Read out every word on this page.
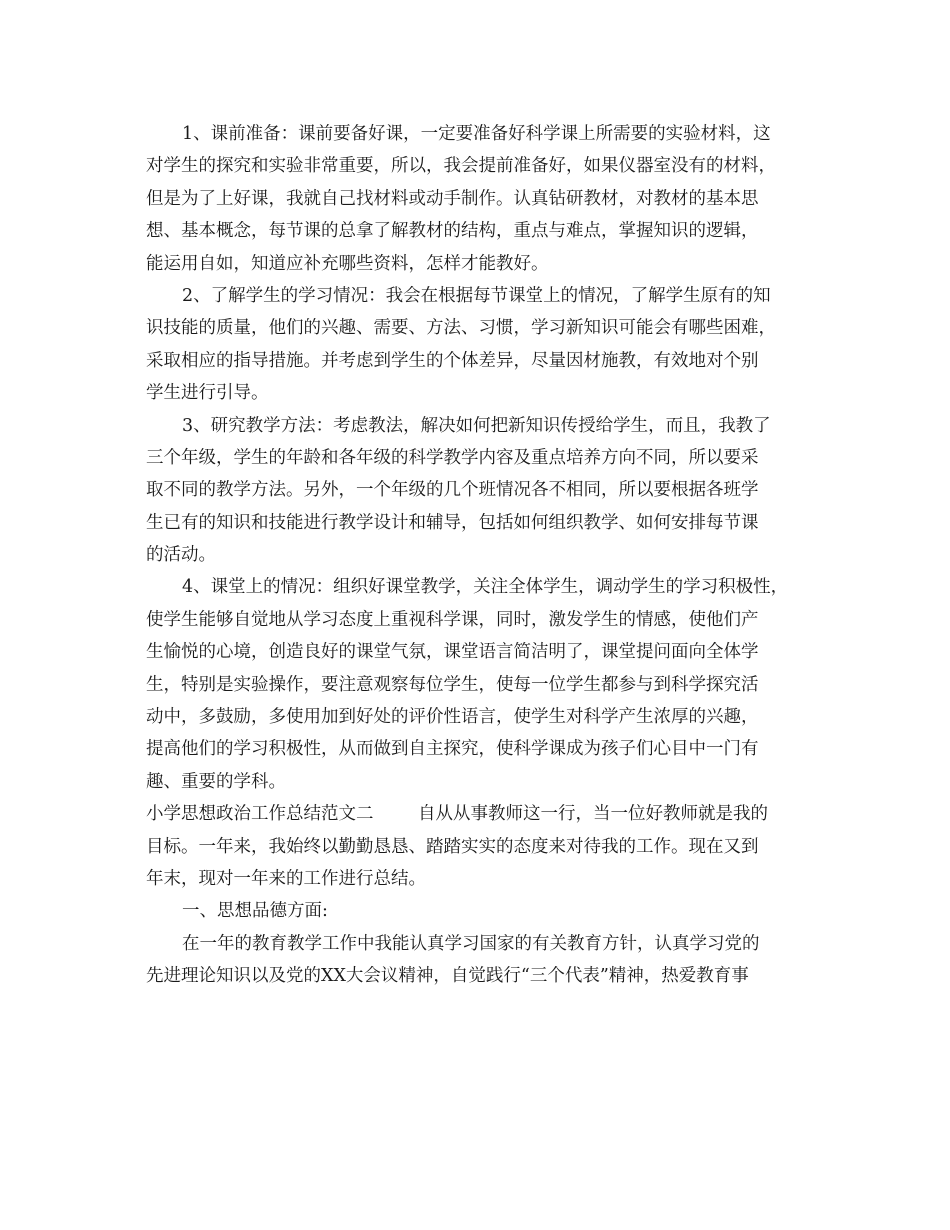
1、课前准备：课前要备好课，一定要准备好科学课上所需要的实验材料，这
对学生的探究和实验非常重要，所以，我会提前准备好，如果仪器室没有的材料，
但是为了上好课，我就自己找材料或动手制作。认真钻研教材，对教材的基本思
想、基本概念，每节课的总拿了解教材的结构，重点与难点，掌握知识的逻辑，
能运用自如，知道应补充哪些资料，怎样才能教好。
2、了解学生的学习情况：我会在根据每节课堂上的情况，了解学生原有的知
识技能的质量，他们的兴趣、需要、方法、习惯，学习新知识可能会有哪些困难，
采取相应的指导措施。并考虑到学生的个体差异，尽量因材施教，有效地对个别
学生进行引导。
3、研究教学方法：考虑教法，解决如何把新知识传授给学生，而且，我教了
三个年级，学生的年龄和各年级的科学教学内容及重点培养方向不同，所以要采
取不同的教学方法。另外，一个年级的几个班情况各不相同，所以要根据各班学
生已有的知识和技能进行教学设计和辅导，包括如何组织教学、如何安排每节课
的活动。
4、课堂上的情况：组织好课堂教学，关注全体学生，调动学生的学习积极性，
使学生能够自觉地从学习态度上重视科学课，同时，激发学生的情感，使他们产
生愉悦的心境，创造良好的课堂气氛，课堂语言简洁明了，课堂提问面向全体学
生，特别是实验操作，要注意观察每位学生，使每一位学生都参与到科学探究活
动中，多鼓励，多使用加到好处的评价性语言，使学生对科学产生浓厚的兴趣，
提高他们的学习积极性，从而做到自主探究，使科学课成为孩子们心目中一门有
趣、重要的学科。
小学思想政治工作总结范文二        自从从事教师这一行，当一位好教师就是我的
目标。一年来，我始终以勤勤恳恳、踏踏实实的态度来对待我的工作。现在又到
年末，现对一年来的工作进行总结。
一、思想品德方面:
在一年的教育教学工作中我能认真学习国家的有关教育方针，认真学习党的
先进理论知识以及党的XX大会议精神，自觉践行“三个代表”精神，热爱教育事
